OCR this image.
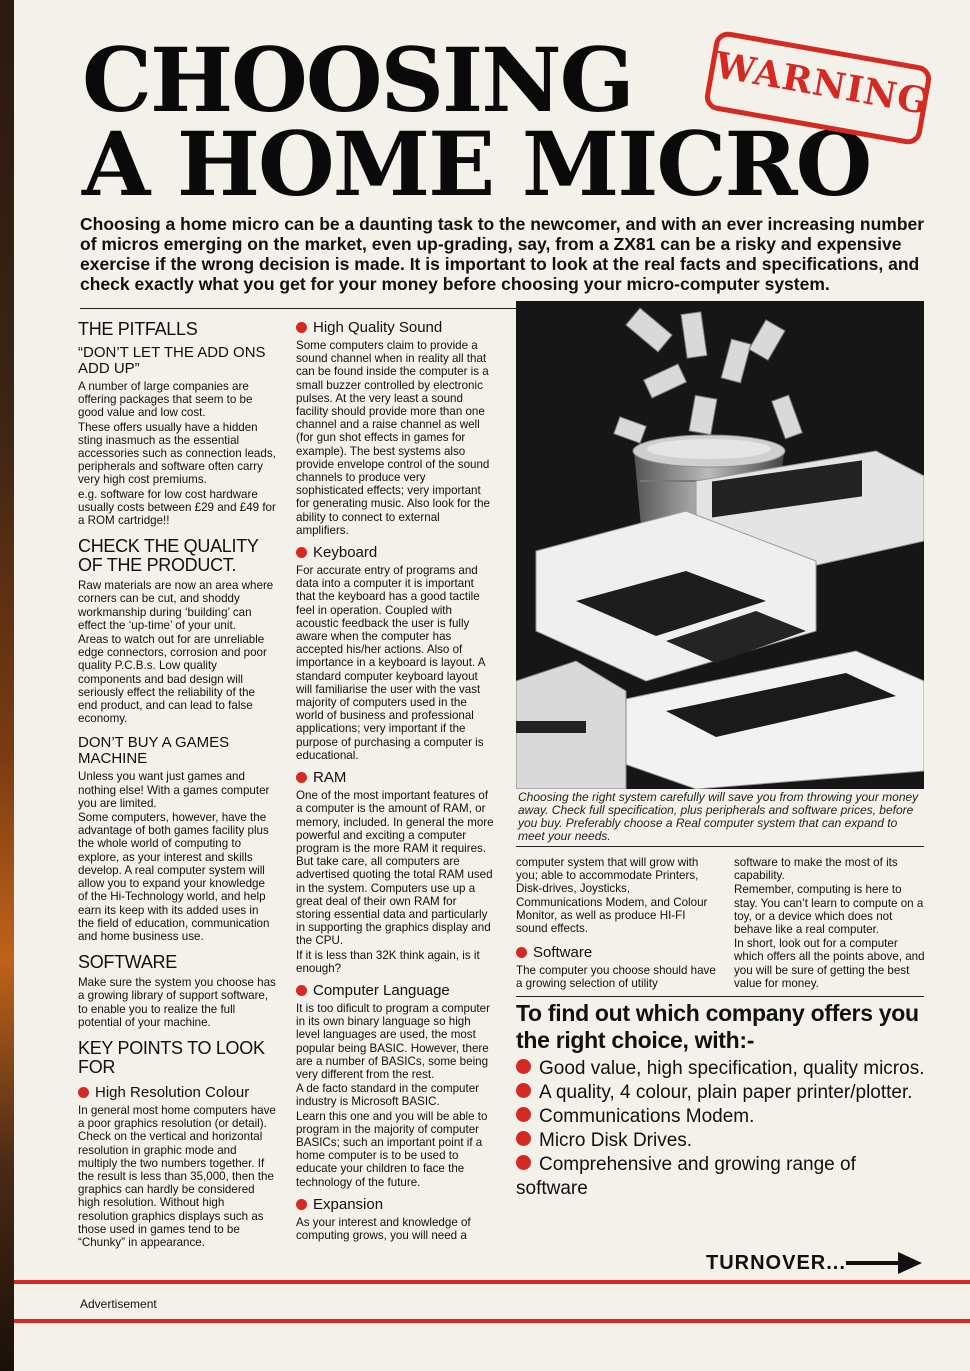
CHOOSING
A HOME MICRO
WARNING

Choosing a home micro can be a daunting task to the newcomer, and with an ever increasing number of micros emerging on the market, even up-grading, say, from a ZX81 can be a risky and expensive exercise if the wrong decision is made. It is important to look at the real facts and specifications, and check exactly what you get for your money before choosing your micro-computer system.

THE PITFALLS
“DON’T LET THE ADD ONS ADD UP”

A number of large companies are offering packages that seem to be good value and low cost.

These offers usually have a hidden sting inasmuch as the essential accessories such as connection leads, peripherals and software often carry very high cost premiums.

e.g. software for low cost hardware usually costs between £29 and £49 for a ROM cartridge!!

CHECK THE QUALITY OF THE PRODUCT.

Raw materials are now an area where corners can be cut, and shoddy workmanship during ‘building’ can effect the ‘up-time’ of your unit.

Areas to watch out for are unreliable edge connectors, corrosion and poor quality P.C.B.s. Low quality components and bad design will seriously effect the reliability of the end product, and can lead to false economy.

DON’T BUY A GAMES MACHINE

Unless you want just games and nothing else! With a games computer you are limited.

Some computers, however, have the advantage of both games facility plus the whole world of computing to explore, as your interest and skills develop. A real computer system will allow you to expand your knowledge of the Hi-Technology world, and help earn its keep with its added uses in the field of education, communication and home business use.

SOFTWARE

Make sure the system you choose has a growing library of support software, to enable you to realize the full potential of your machine.

KEY POINTS TO LOOK FOR
High Resolution Colour

In general most home computers have a poor graphics resolution (or detail). Check on the vertical and horizontal resolution in graphic mode and multiply the two numbers together. If the result is less than 35,000, then the graphics can hardly be considered high resolution. Without high resolution graphics displays such as those used in games tend to be “Chunky” in appearance.

High Quality Sound

Some computers claim to provide a sound channel when in reality all that can be found inside the computer is a small buzzer controlled by electronic pulses. At the very least a sound facility should provide more than one channel and a raise channel as well (for gun shot effects in games for example). The best systems also provide envelope control of the sound channels to produce very sophisticated effects; very important for generating music. Also look for the ability to connect to external amplifiers.

Keyboard

For accurate entry of programs and data into a computer it is important that the keyboard has a good tactile feel in operation. Coupled with acoustic feedback the user is fully aware when the computer has accepted his/her actions. Also of importance in a keyboard is layout. A standard computer keyboard layout will familiarise the user with the vast majority of computers used in the world of business and professional applications; very important if the purpose of purchasing a computer is educational.

RAM

One of the most important features of a computer is the amount of RAM, or memory, included. In general the more powerful and exciting a computer program is the more RAM it requires. But take care, all computers are advertised quoting the total RAM used in the system. Computers use up a great deal of their own RAM for storing essential data and particularly in supporting the graphics display and the CPU.

If it is less than 32K think again, is it enough?

Computer Language

It is too dificult to program a computer in its own binary language so high level languages are used, the most popular being BASIC. However, there are a number of BASICs, some being very different from the rest.

A de facto standard in the computer industry is Microsoft BASIC.

Learn this one and you will be able to program in the majority of computer BASICs; such an important point if a home computer is to be used to educate your children to face the technology of the future.

Expansion

As your interest and knowledge of computing grows, you will need a

Choosing the right system carefully will save you from throwing your money away. Check full specification, plus peripherals and software prices, before you buy. Preferably choose a Real computer system that can expand to meet your needs.

computer system that will grow with you; able to accommodate Printers, Disk-drives, Joysticks, Communications Modem, and Colour Monitor, as well as produce HI-FI sound effects.

Software

The computer you choose should have a growing selection of utility

software to make the most of its capability.

Remember, computing is here to stay. You can’t learn to compute on a toy, or a device which does not behave like a real computer.

In short, look out for a computer which offers all the points above, and you will be sure of getting the best value for money.

To find out which company offers you the right choice, with:-
Good value, high specification, quality micros.
A quality, 4 colour, plain paper printer/plotter.
Communications Modem.
Micro Disk Drives.
Comprehensive and growing range of software
TURNOVER...
Advertisement
